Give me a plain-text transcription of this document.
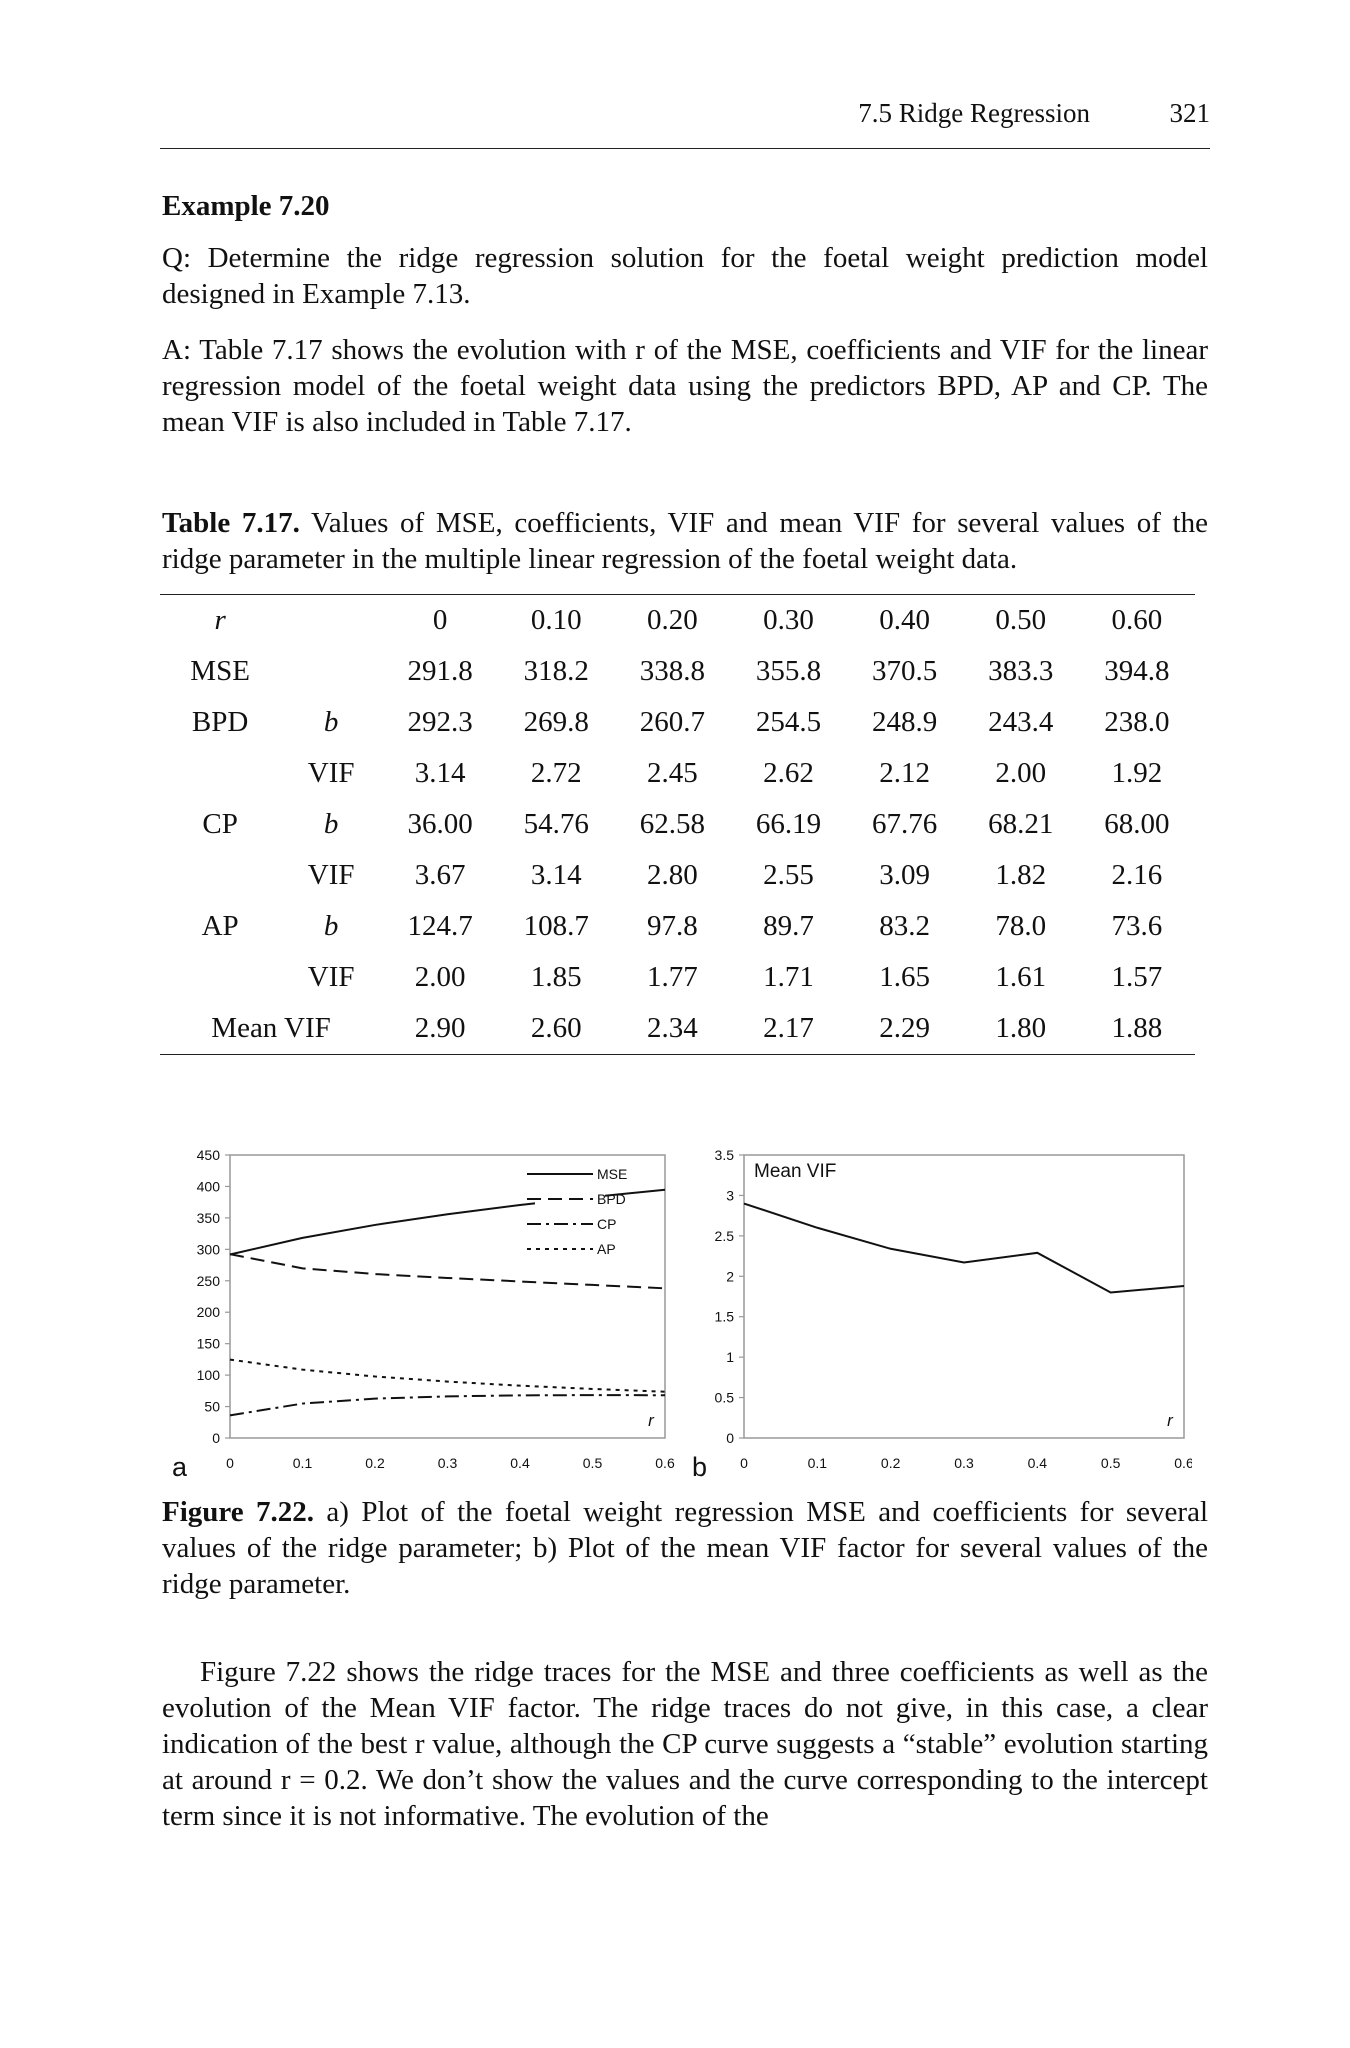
7.5 Ridge Regression	321
Example 7.20
Q: Determine the ridge regression solution for the foetal weight prediction model designed in Example 7.13.
A: Table 7.17 shows the evolution with r of the MSE, coefficients and VIF for the linear regression model of the foetal weight data using the predictors BPD, AP and CP. The mean VIF is also included in Table 7.17.
Table 7.17. Values of MSE, coefficients, VIF and mean VIF for several values of the ridge parameter in the multiple linear regression of the foetal weight data.
r		0	0.10	0.20	0.30	0.40	0.50	0.60
MSE		291.8	318.2	338.8	355.8	370.5	383.3	394.8
BPD	b	292.3	269.8	260.7	254.5	248.9	243.4	238.0
	VIF	3.14	2.72	2.45	2.62	2.12	2.00	1.92
CP	b	36.00	54.76	62.58	66.19	67.76	68.21	68.00
	VIF	3.67	3.14	2.80	2.55	3.09	1.82	2.16
AP	b	124.7	108.7	97.8	89.7	83.2	78.0	73.6
	VIF	2.00	1.85	1.77	1.71	1.65	1.61	1.57
Mean VIF		2.90	2.60	2.34	2.17	2.29	1.80	1.88
0
50
100
150
200
250
300
350
400
450
0	0.1	0.2	0.3	0.4	0.5	0.6
r
a
MSE
BPD
CP
AP
0
0.5
1
1.5
2
2.5
3
3.5
0	0.1	0.2	0.3	0.4	0.5	0.6
r
b
Mean VIF
Figure 7.22. a) Plot of the foetal weight regression MSE and coefficients for several values of the ridge parameter; b) Plot of the mean VIF factor for several values of the ridge parameter.
Figure 7.22 shows the ridge traces for the MSE and three coefficients as well as the evolution of the Mean VIF factor. The ridge traces do not give, in this case, a clear indication of the best r value, although the CP curve suggests a “stable” evolution starting at around r = 0.2. We don’t show the values and the curve corresponding to the intercept term since it is not informative. The evolution of the
